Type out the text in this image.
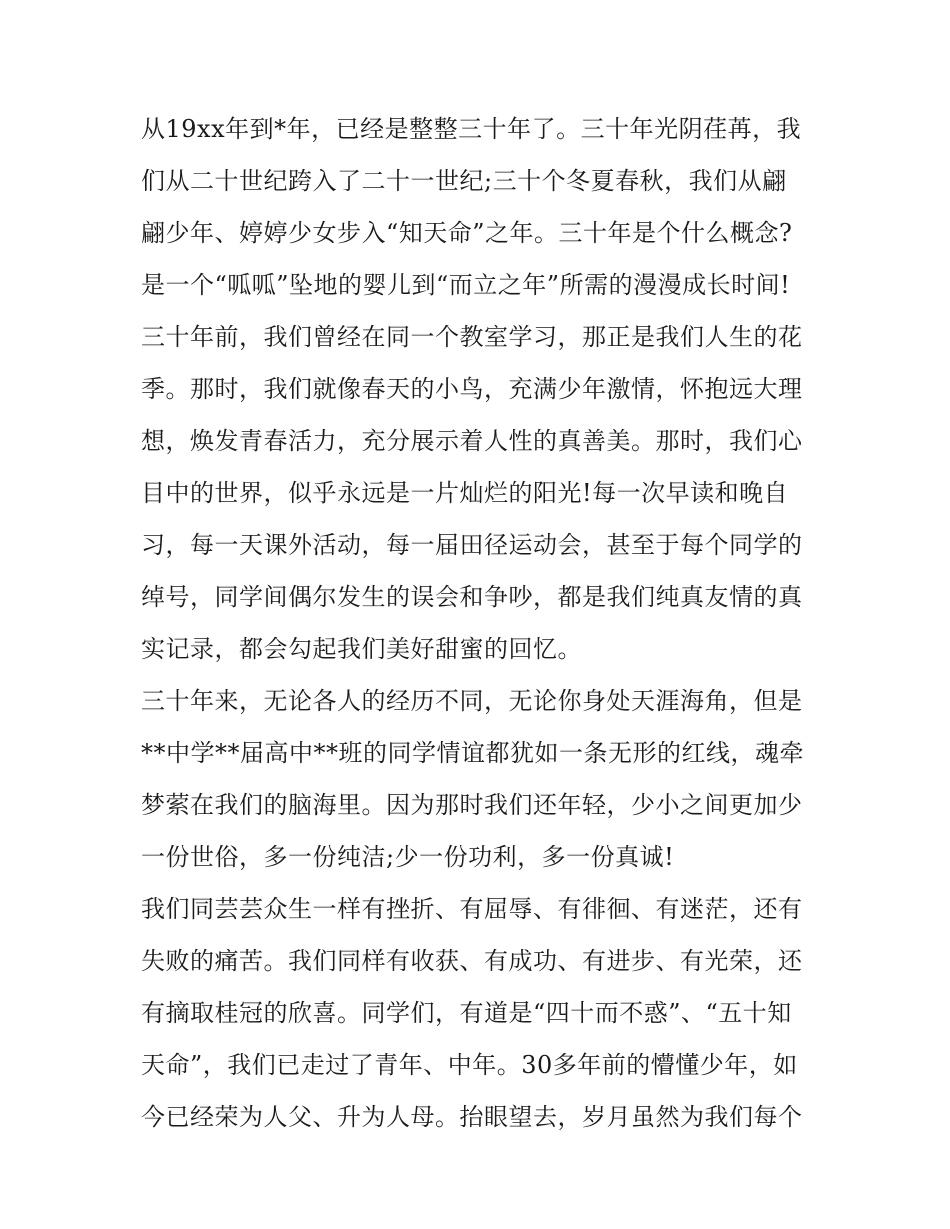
从19xx年到*年，已经是整整三十年了。三十年光阴荏苒，我
们从二十世纪跨入了二十一世纪;三十个冬夏春秋，我们从翩
翩少年、婷婷少女步入“知天命”之年。三十年是个什么概念?
是一个“呱呱”坠地的婴儿到“而立之年”所需的漫漫成长时间!
三十年前，我们曾经在同一个教室学习，那正是我们人生的花
季。那时，我们就像春天的小鸟，充满少年激情，怀抱远大理
想，焕发青春活力，充分展示着人性的真善美。那时，我们心
目中的世界，似乎永远是一片灿烂的阳光!每一次早读和晚自
习，每一天课外活动，每一届田径运动会，甚至于每个同学的
绰号，同学间偶尔发生的误会和争吵，都是我们纯真友情的真
实记录，都会勾起我们美好甜蜜的回忆。
三十年来，无论各人的经历不同，无论你身处天涯海角，但是
**中学**届高中**班的同学情谊都犹如一条无形的红线，魂牵
梦萦在我们的脑海里。因为那时我们还年轻，少小之间更加少
一份世俗，多一份纯洁;少一份功利，多一份真诚!
我们同芸芸众生一样有挫折、有屈辱、有徘徊、有迷茫，还有
失败的痛苦。我们同样有收获、有成功、有进步、有光荣，还
有摘取桂冠的欣喜。同学们，有道是“四十而不惑”、“五十知
天命”，我们已走过了青年、中年。30多年前的懵懂少年，如
今已经荣为人父、升为人母。抬眼望去，岁月虽然为我们每个
